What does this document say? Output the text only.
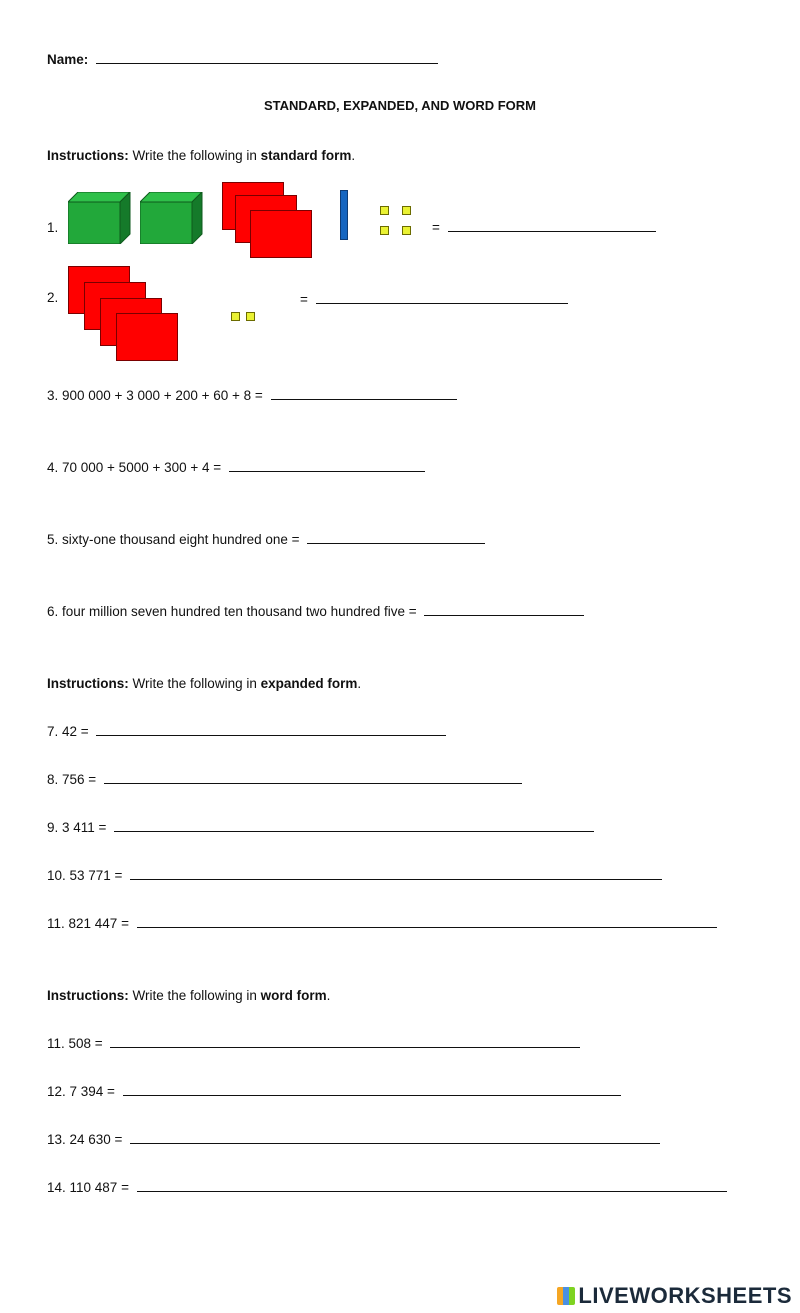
Name:
STANDARD, EXPANDED, AND WORD FORM
Instructions: Write the following in standard form.
1.	=
2.	=
3. 900 000 + 3 000 + 200 + 60 + 8 =
4. 70 000 + 5000 + 300 + 4 =
5. sixty-one thousand eight hundred one =
6. four million seven hundred ten thousand two hundred five =
Instructions: Write the following in expanded form.
7. 42 =
8. 756 =
9. 3 411 =
10. 53 771 =
11. 821 447 =
Instructions: Write the following in word form.
11. 508 =
12. 7 394 =
13. 24 630 =
14. 110 487 =
LIVEWORKSHEETS
